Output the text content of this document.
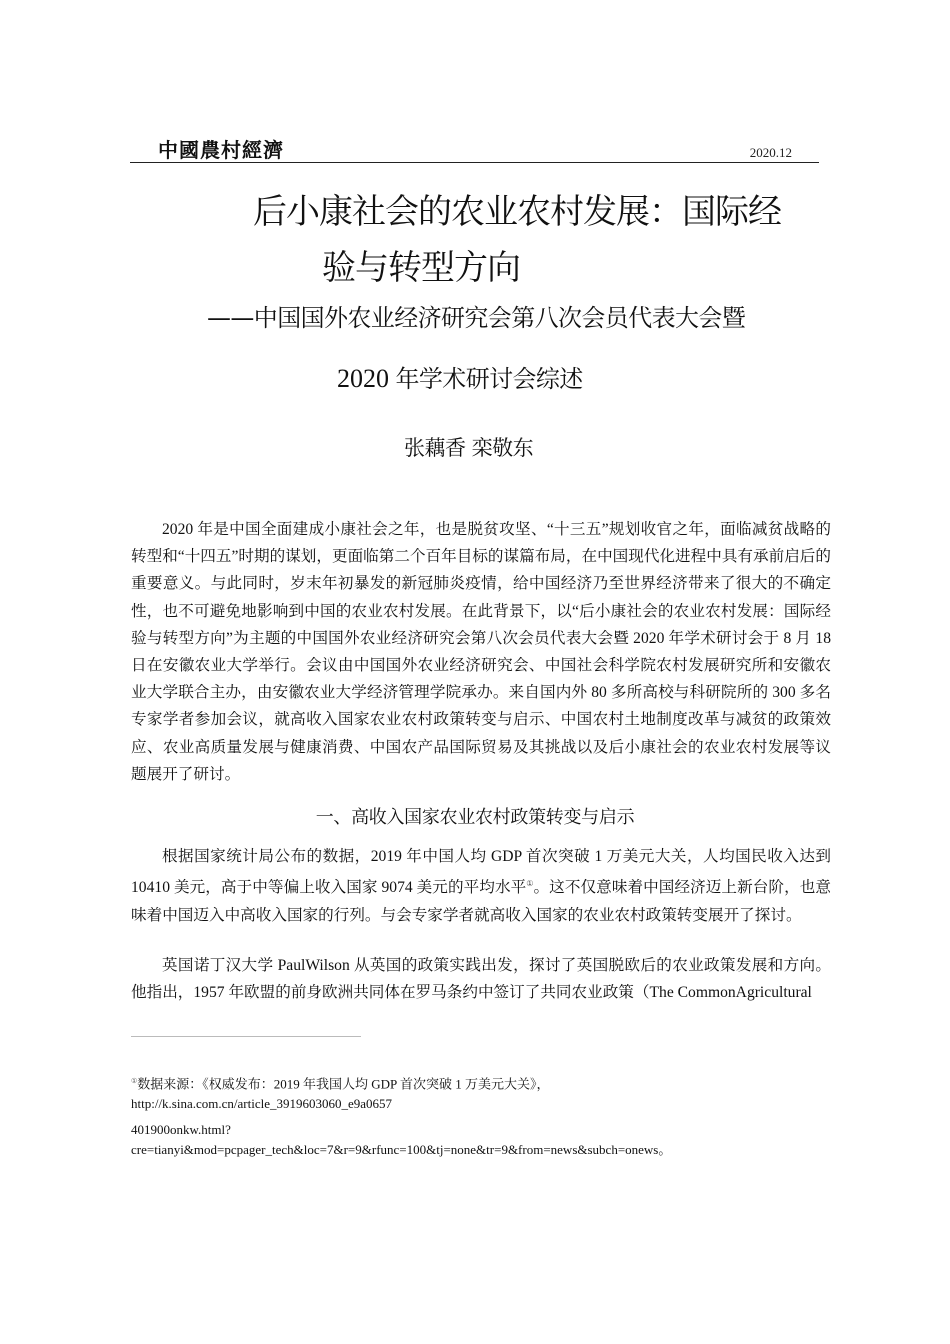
中國農村經濟	2020.12
后小康社会的农业农村发展：国际经
验与转型方向
——中国国外农业经济研究会第八次会员代表大会暨
2020 年学术研讨会综述
张藕香 栾敬东

2020 年是中国全面建成小康社会之年，也是脱贫攻坚、“十三五”规划收官之年，面临减贫战略的转型和“十四五”时期的谋划，更面临第二个百年目标的谋篇布局，在中国现代化进程中具有承前启后的重要意义。与此同时，岁末年初暴发的新冠肺炎疫情，给中国经济乃至世界经济带来了很大的不确定性，也不可避免地影响到中国的农业农村发展。在此背景下，以“后小康社会的农业农村发展：国际经验与转型方向”为主题的中国国外农业经济研究会第八次会员代表大会暨 2020 年学术研讨会于 8 月 18 日在安徽农业大学举行。会议由中国国外农业经济研究会、中国社会科学院农村发展研究所和安徽农业大学联合主办，由安徽农业大学经济管理学院承办。来自国内外 80 多所高校与科研院所的 300 多名专家学者参加会议，就高收入国家农业农村政策转变与启示、中国农村土地制度改革与减贫的政策效应、农业高质量发展与健康消费、中国农产品国际贸易及其挑战以及后小康社会的农业农村发展等议题展开了研讨。

一、高收入国家农业农村政策转变与启示

根据国家统计局公布的数据，2019 年中国人均 GDP 首次突破 1 万美元大关，人均国民收入达到 10410 美元，高于中等偏上收入国家 9074 美元的平均水平①。这不仅意味着中国经济迈上新台阶，也意味着中国迈入中高收入国家的行列。与会专家学者就高收入国家的农业农村政策转变展开了探讨。

英国诺丁汉大学 PaulWilson 从英国的政策实践出发，探讨了英国脱欧后的农业政策发展和方向。他指出，1957 年欧盟的前身欧洲共同体在罗马条约中签订了共同农业政策（The CommonAgricultural

①数据来源：《权威发布：2019 年我国人均 GDP 首次突破 1 万美元大关》，
http://k.sina.com.cn/article_3919603060_e9a0657
401900onkw.html?
cre=tianyi&mod=pcpager_tech&loc=7&r=9&rfunc=100&tj=none&tr=9&from=news&subch=onews。
